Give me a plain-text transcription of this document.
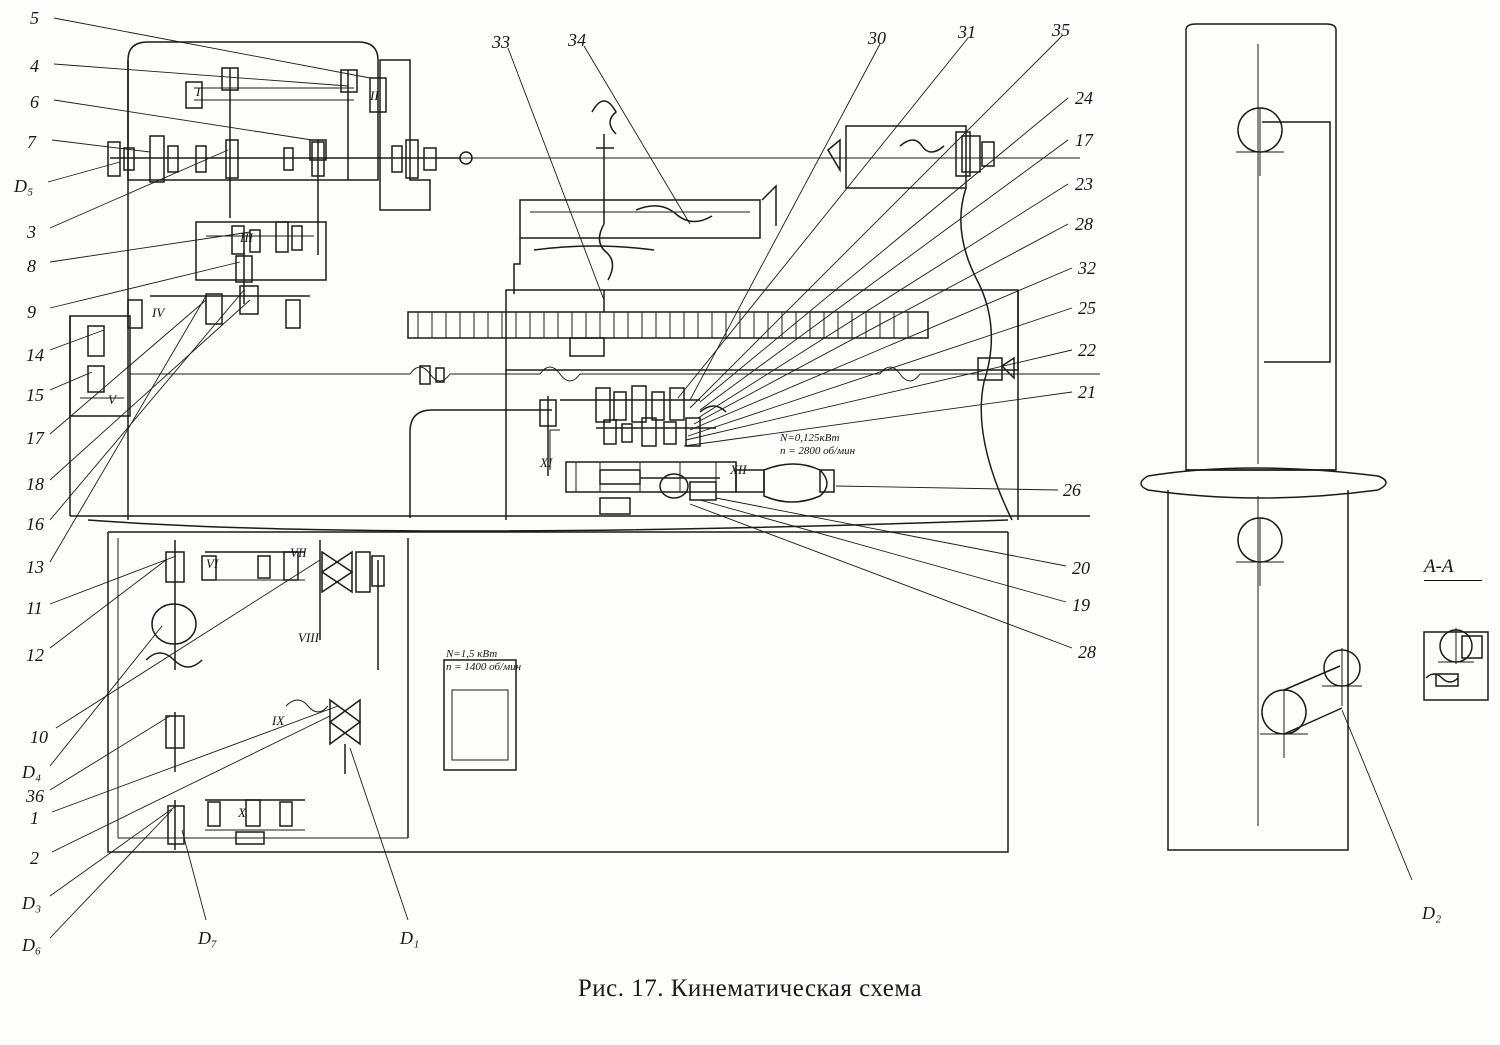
5
4
6
7
D₅
3
8
9
14
15
17
18
16
13
11
12
10
D₄
36
1
2
D₃
D₆
33	34	30	31	35
24
17
23
28
32
25
22
21
26
20
19
28
D₇	D₁
D₂
I	II
III
IV
V
VI
VII
VIII
IX
X
XI	XII
А-А
N=0,125кВт
n = 2800 об/мин
N=1,5 кВт
n = 1400 об/мин
Рис. 17. Кинематическая схема
